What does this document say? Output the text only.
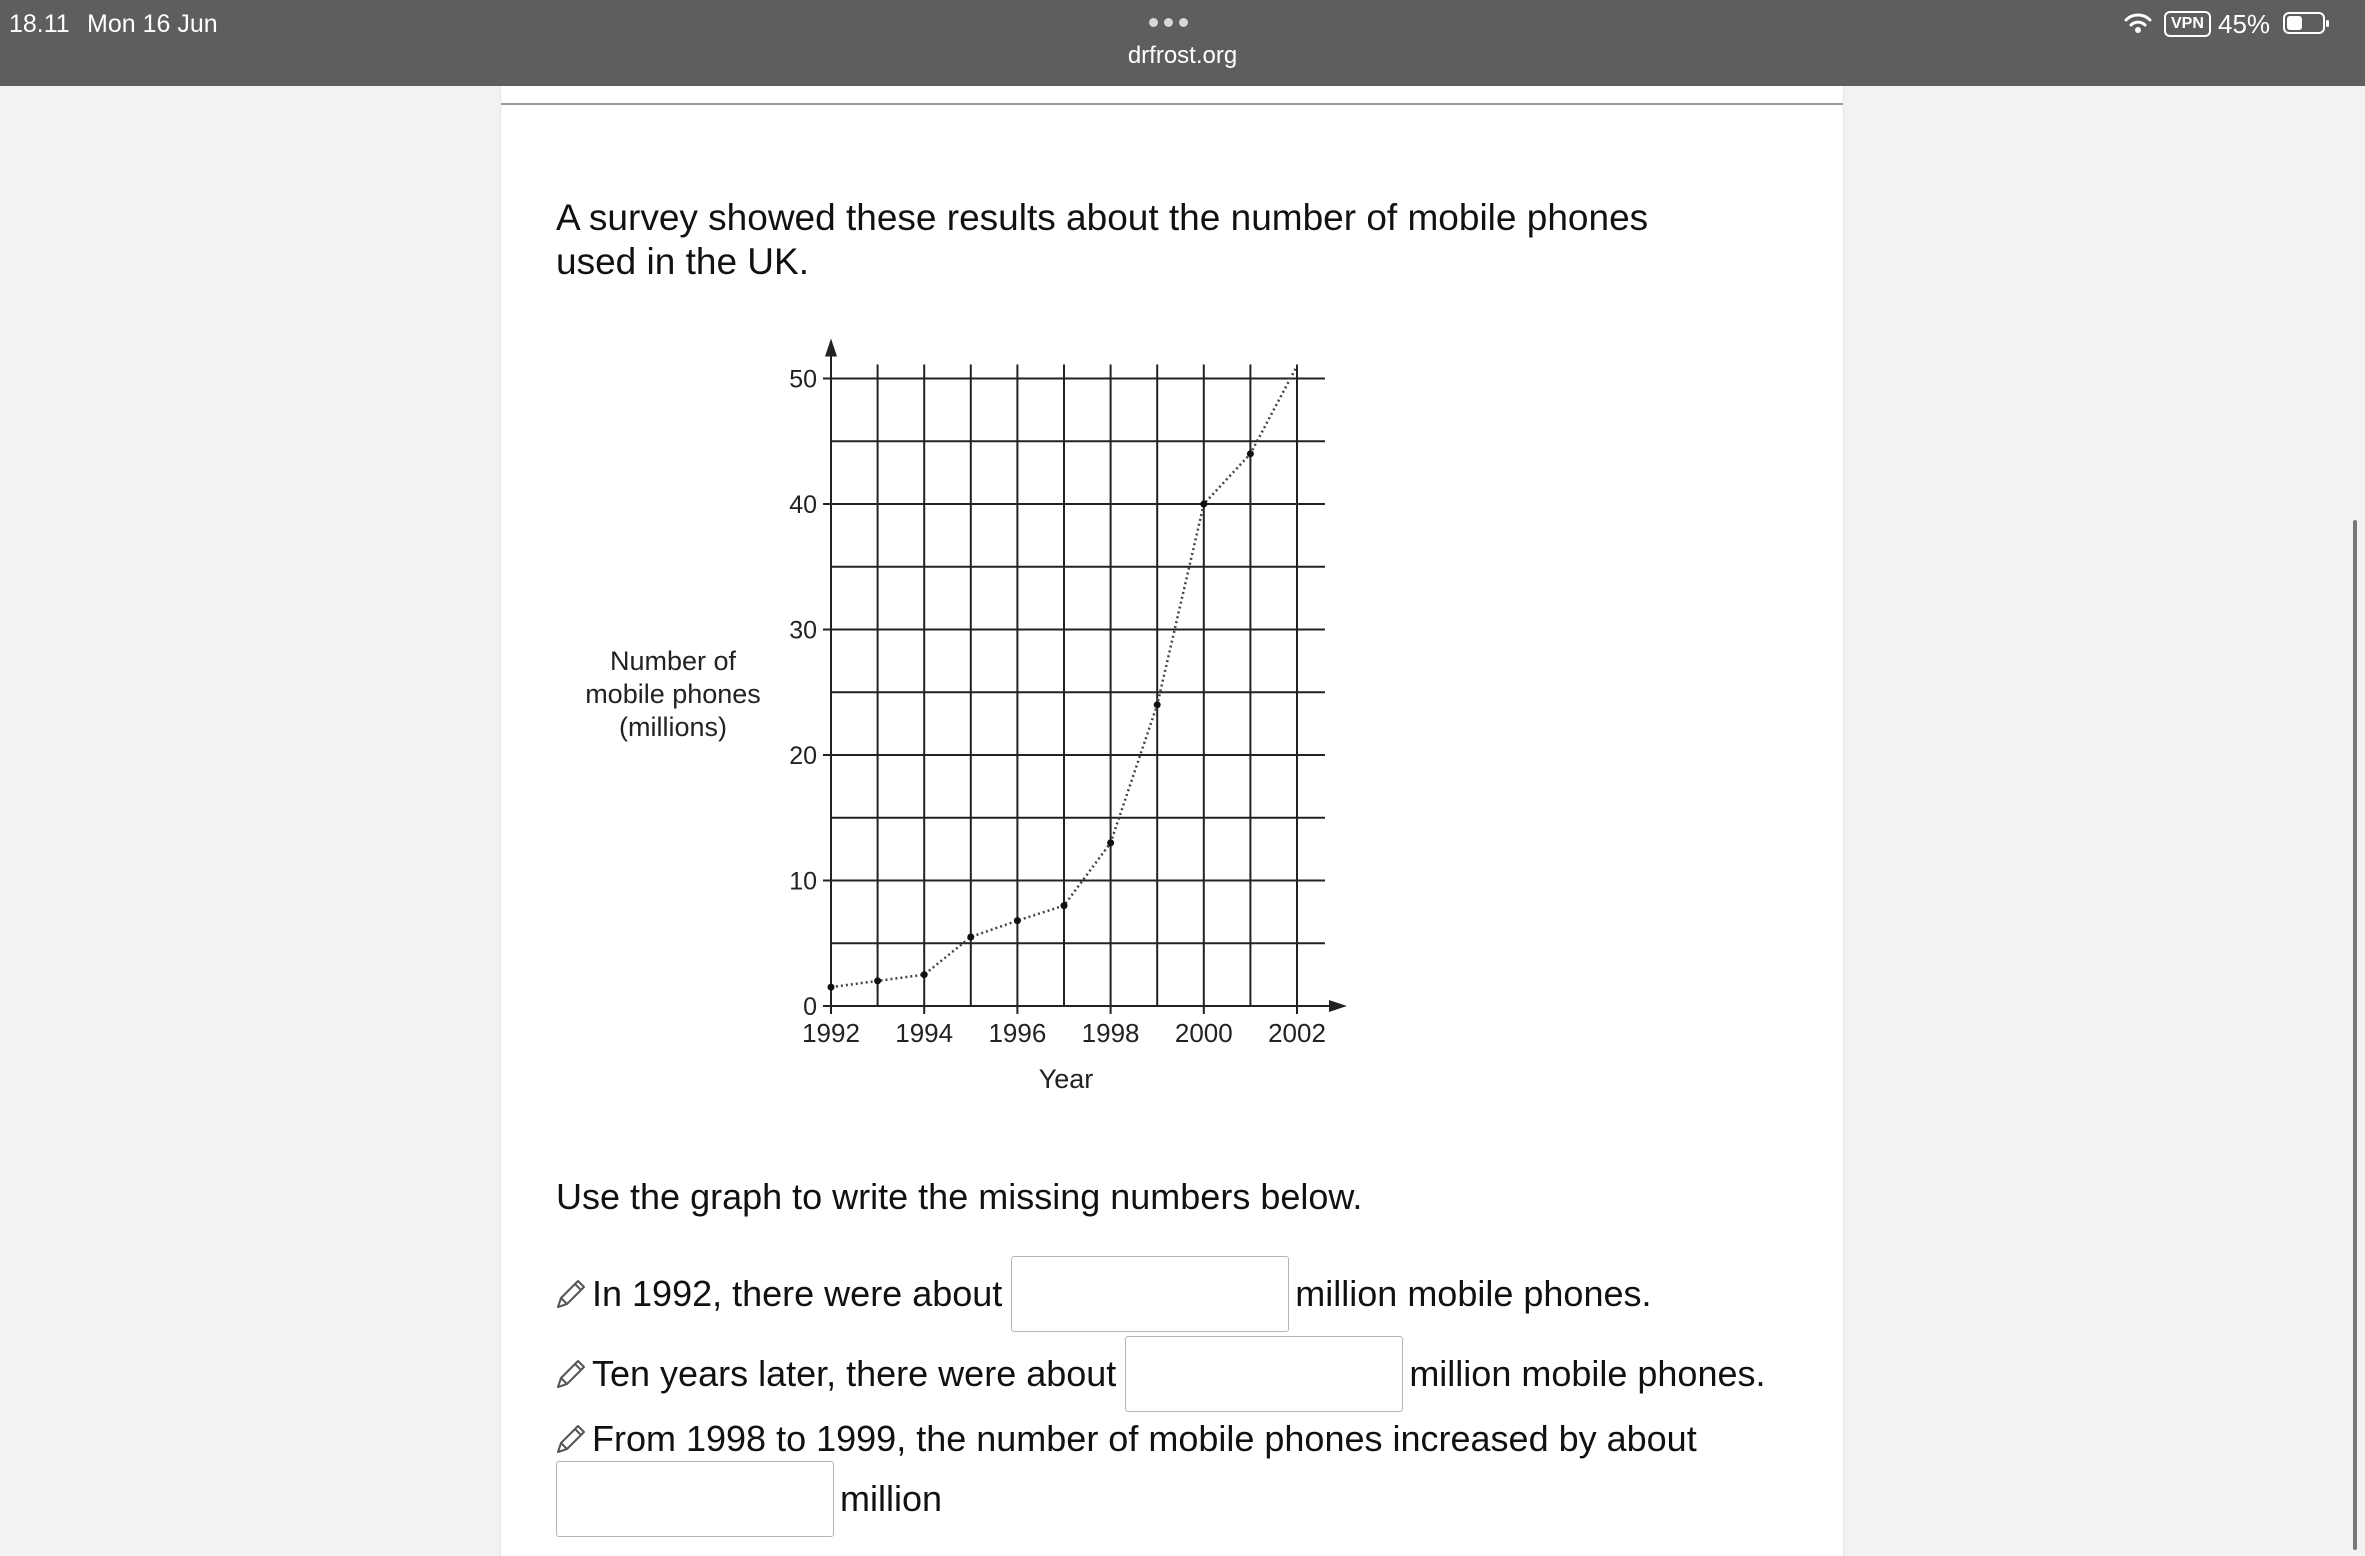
18.11 Mon 16 Jun
drfrost.org
VPN 45%

A survey showed these results about the number of mobile phones used in the UK.

0
10
20
30
40
50
1992 1994 1996 1998 2000 2002
Year
Number of
mobile phones
(millions)

Use the graph to write the missing numbers below.

In 1992, there were about	million mobile phones.
Ten years later, there were about	million mobile phones.
From 1998 to 1999, the number of mobile phones increased by about
million
